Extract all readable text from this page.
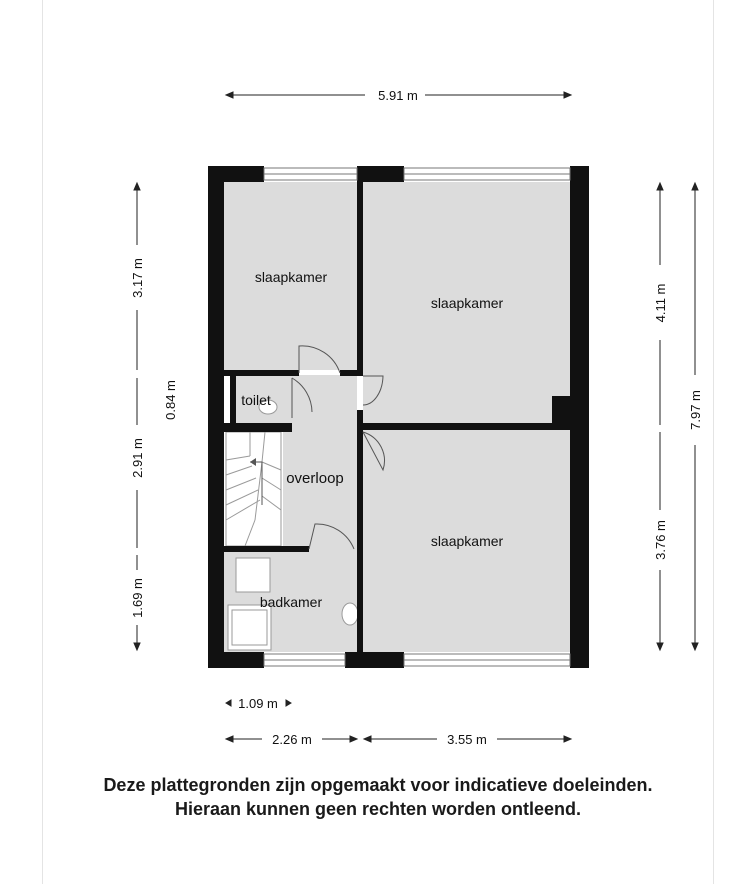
slaapkamer
slaapkamer
slaapkamer
toilet
overloop
badkamer
5.91 m
3.17 m
0.84 m
2.91 m
1.69 m
4.11 m
3.76 m
7.97 m
1.09 m
2.26 m	3.55 m
Deze plattegronden zijn opgemaakt voor indicatieve doeleinden.
Hieraan kunnen geen rechten worden ontleend.
